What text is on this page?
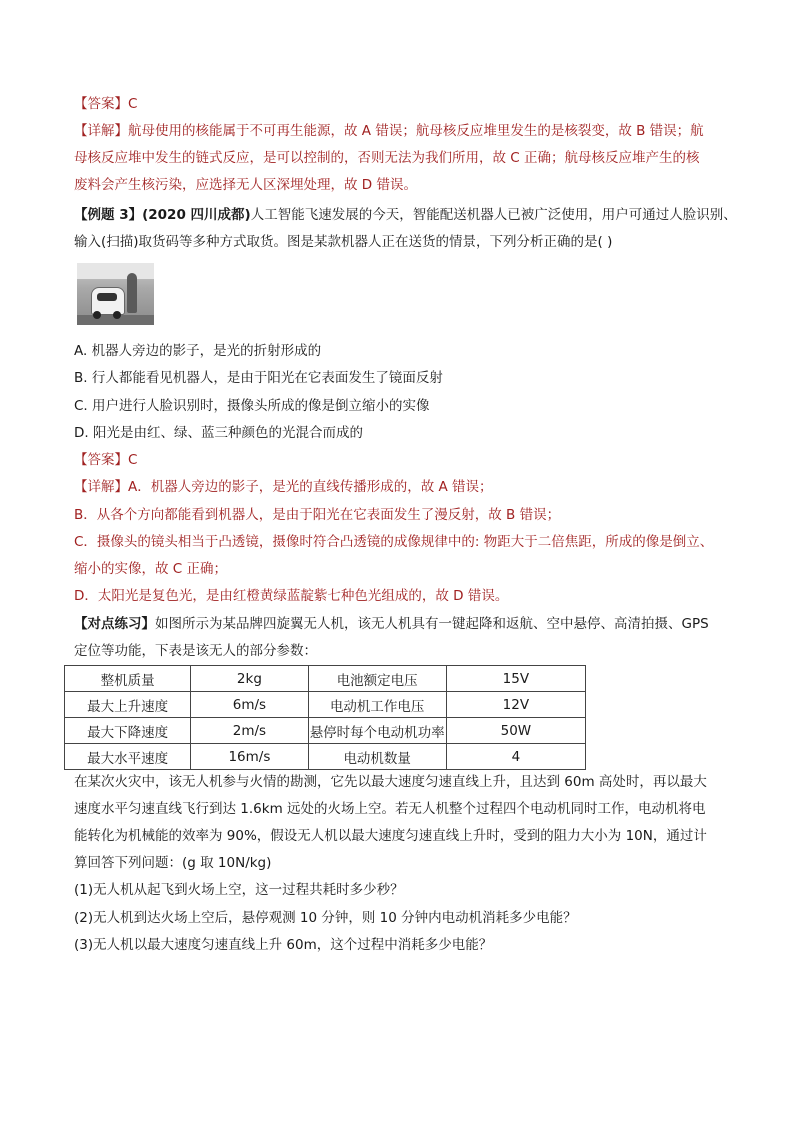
【答案】C
【详解】航母使用的核能属于不可再生能源，故 A 错误；航母核反应堆里发生的是核裂变，故 B 错误；航
母核反应堆中发生的链式反应，是可以控制的，否则无法为我们所用，故 C 正确；航母核反应堆产生的核
废料会产生核污染，应选择无人区深埋处理，故 D 错误。
【例题 3】(2020 四川成都)人工智能飞速发展的今天，智能配送机器人已被广泛使用，用户可通过人脸识别、
输入(扫描)取货码等多种方式取货。图是某款机器人正在送货的情景，下列分析正确的是( )
A. 机器人旁边的影子，是光的折射形成的
B. 行人都能看见机器人，是由于阳光在它表面发生了镜面反射
C. 用户进行人脸识别时，摄像头所成的像是倒立缩小的实像
D. 阳光是由红、绿、蓝三种颜色的光混合而成的
【答案】C
【详解】A．机器人旁边的影子，是光的直线传播形成的，故 A 错误；
B．从各个方向都能看到机器人，是由于阳光在它表面发生了漫反射，故 B 错误；
C．摄像头的镜头相当于凸透镜，摄像时符合凸透镜的成像规律中的: 物距大于二倍焦距，所成的像是倒立、
缩小的实像，故 C 正确；
D．太阳光是复色光，是由红橙黄绿蓝靛紫七种色光组成的，故 D 错误。
【对点练习】如图所示为某品牌四旋翼无人机，该无人机具有一键起降和返航、空中悬停、高清拍摄、GPS
定位等功能，下表是该无人的部分参数：
整机质量	2kg	电池额定电压	15V
最大上升速度	6m/s	电动机工作电压	12V
最大下降速度	2m/s	悬停时每个电动机功率	50W
最大水平速度	16m/s	电动机数量	4
在某次火灾中，该无人机参与火情的勘测，它先以最大速度匀速直线上升，且达到 60m 高处时，再以最大
速度水平匀速直线飞行到达 1.6km 远处的火场上空。若无人机整个过程四个电动机同时工作，电动机将电
能转化为机械能的效率为 90%，假设无人机以最大速度匀速直线上升时，受到的阻力大小为 10N，通过计
算回答下列问题：(g 取 10N/kg)
(1)无人机从起飞到火场上空，这一过程共耗时多少秒？
(2)无人机到达火场上空后，悬停观测 10 分钟，则 10 分钟内电动机消耗多少电能？
(3)无人机以最大速度匀速直线上升 60m，这个过程中消耗多少电能？
